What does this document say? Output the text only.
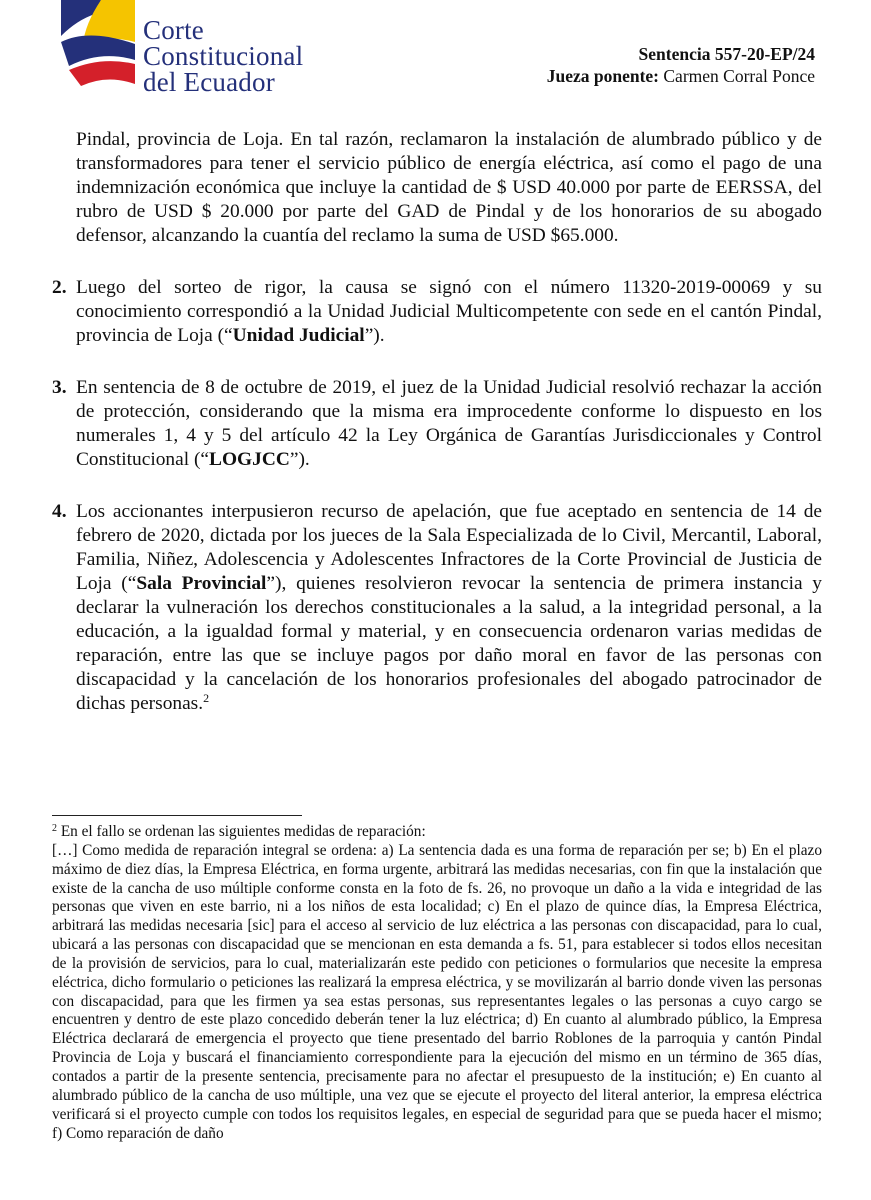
Corte
Constitucional
del Ecuador
Sentencia 557-20-EP/24
Jueza ponente: Carmen Corral Ponce

Pindal, provincia de Loja. En tal razón, reclamaron la instalación de alumbrado público y de transformadores para tener el servicio público de energía eléctrica, así como el pago de una indemnización económica que incluye la cantidad de $ USD 40.000 por parte de EERSSA, del rubro de USD $ 20.000 por parte del GAD de Pindal y de los honorarios de su abogado defensor, alcanzando la cuantía del reclamo la suma de USD $65.000.

2. Luego del sorteo de rigor, la causa se signó con el número 11320-2019-00069 y su conocimiento correspondió a la Unidad Judicial Multicompetente con sede en el cantón Pindal, provincia de Loja (“Unidad Judicial”).

3. En sentencia de 8 de octubre de 2019, el juez de la Unidad Judicial resolvió rechazar la acción de protección, considerando que la misma era improcedente conforme lo dispuesto en los numerales 1, 4 y 5 del artículo 42 la Ley Orgánica de Garantías Jurisdiccionales y Control Constitucional (“LOGJCC”).

4. Los accionantes interpusieron recurso de apelación, que fue aceptado en sentencia de 14 de febrero de 2020, dictada por los jueces de la Sala Especializada de lo Civil, Mercantil, Laboral, Familia, Niñez, Adolescencia y Adolescentes Infractores de la Corte Provincial de Justicia de Loja (“Sala Provincial”), quienes resolvieron revocar la sentencia de primera instancia y declarar la vulneración los derechos constitucionales a la salud, a la integridad personal, a la educación, a la igualdad formal y material, y en consecuencia ordenaron varias medidas de reparación, entre las que se incluye pagos por daño moral en favor de las personas con discapacidad y la cancelación de los honorarios profesionales del abogado patrocinador de dichas personas.$^2$

$^2$ En el fallo se ordenan las siguientes medidas de reparación:

[…] Como medida de reparación integral se ordena: a) La sentencia dada es una forma de reparación per se; b) En el plazo máximo de diez días, la Empresa Eléctrica, en forma urgente, arbitrará las medidas necesarias, con fin que la instalación que existe de la cancha de uso múltiple conforme consta en la foto de fs. 26, no provoque un daño a la vida e integridad de las personas que viven en este barrio, ni a los niños de esta localidad; c) En el plazo de quince días, la Empresa Eléctrica, arbitrará las medidas necesaria [sic] para el acceso al servicio de luz eléctrica a las personas con discapacidad, para lo cual, ubicará a las personas con discapacidad que se mencionan en esta demanda a fs. 51, para establecer si todos ellos necesitan de la provisión de servicios, para lo cual, materializarán este pedido con peticiones o formularios que necesite la empresa eléctrica, dicho formulario o peticiones las realizará la empresa eléctrica, y se movilizarán al barrio donde viven las personas con discapacidad, para que les firmen ya sea estas personas, sus representantes legales o las personas a cuyo cargo se encuentren y dentro de este plazo concedido deberán tener la luz eléctrica; d) En cuanto al alumbrado público, la Empresa Eléctrica declarará de emergencia el proyecto que tiene presentado del barrio Roblones de la parroquia y cantón Pindal Provincia de Loja y buscará el financiamiento correspondiente para la ejecución del mismo en un término de 365 días, contados a partir de la presente sentencia, precisamente para no afectar el presupuesto de la institución; e) En cuanto al alumbrado público de la cancha de uso múltiple, una vez que se ejecute el proyecto del literal anterior, la empresa eléctrica verificará si el proyecto cumple con todos los requisitos legales, en especial de seguridad para que se pueda hacer el mismo; f) Como reparación de daño
